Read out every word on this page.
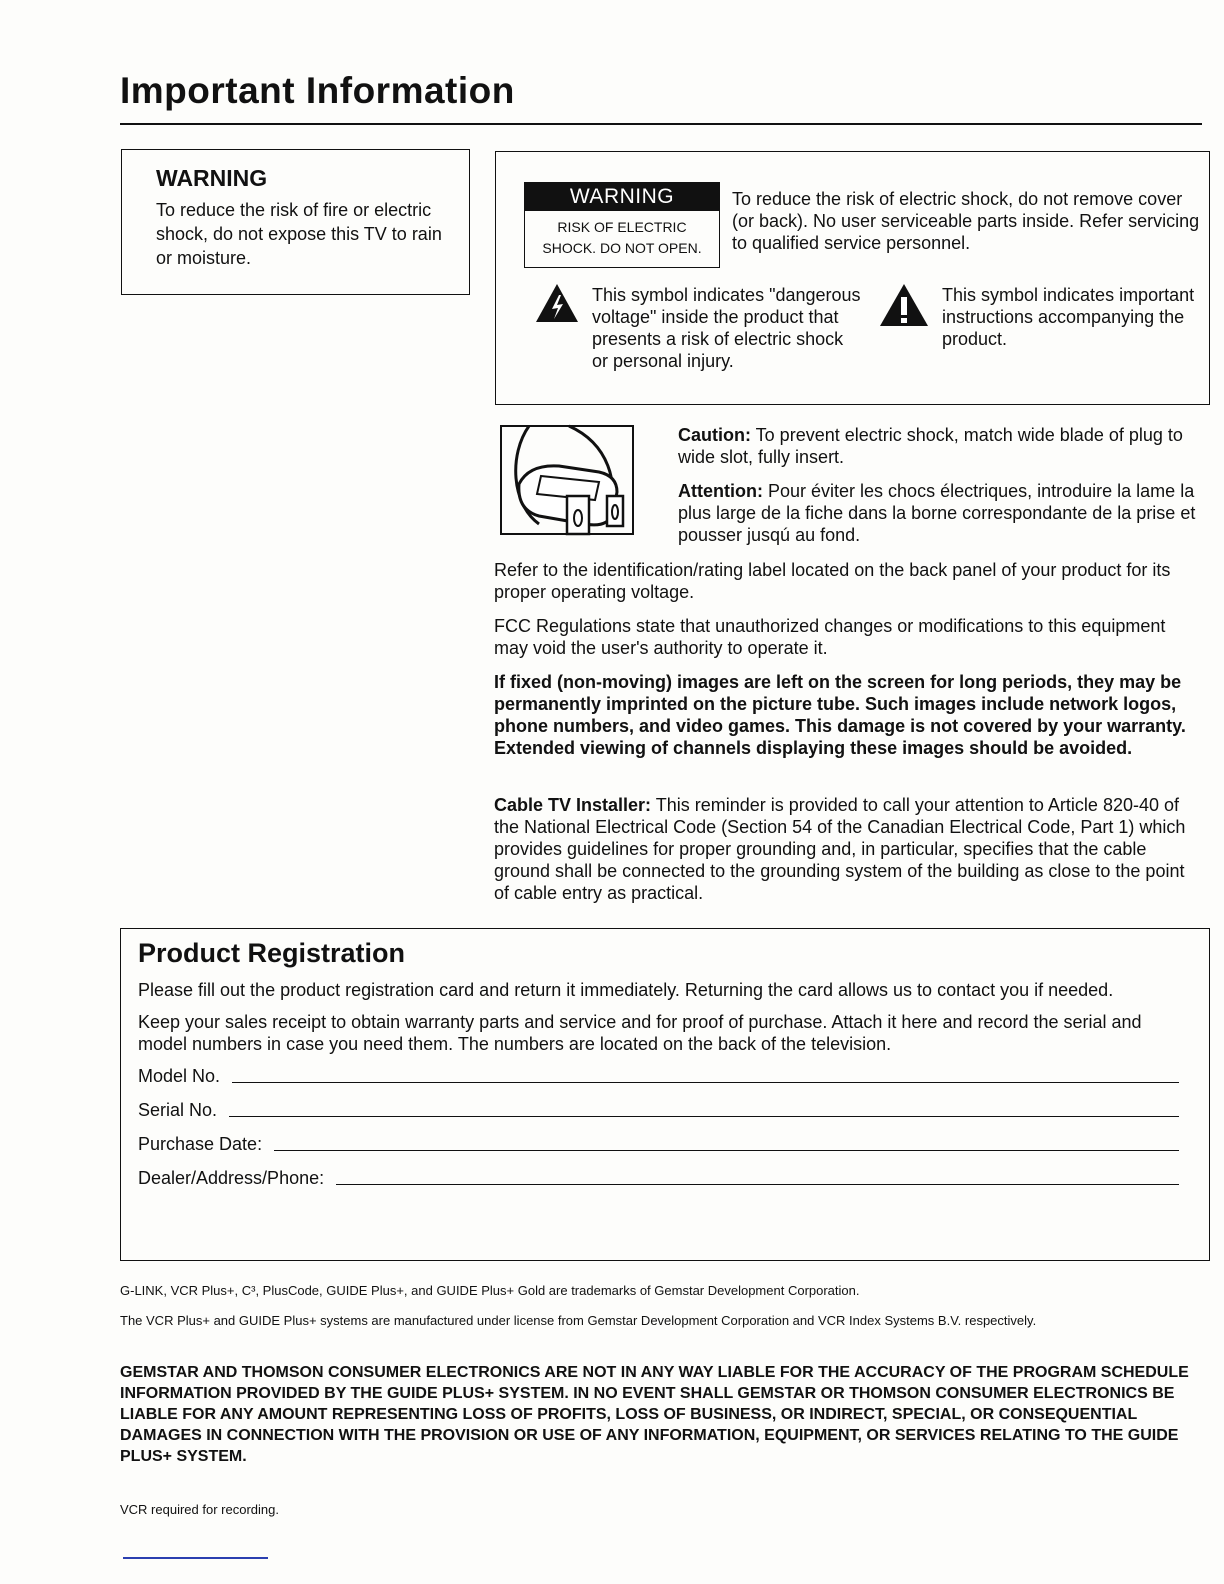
Important Information
WARNING

To reduce the risk of fire or electric shock, do not expose this TV to rain or moisture.

WARNING
RISK OF ELECTRIC
SHOCK. DO NOT OPEN.

To reduce the risk of electric shock, do not remove cover (or back). No user serviceable parts inside. Refer servicing to qualified service personnel.

This symbol indicates "dangerous voltage" inside the product that presents a risk of electric shock or personal injury.

This symbol indicates important instructions accompanying the product.

Caution: To prevent electric shock, match wide blade of plug to wide slot, fully insert.

Attention: Pour éviter les chocs électriques, introduire la lame la plus large de la fiche dans la borne correspondante de la prise et pousser jusqú au fond.

Refer to the identification/rating label located on the back panel of your product for its proper operating voltage.

FCC Regulations state that unauthorized changes or modifications to this equipment may void the user's authority to operate it.

If fixed (non-moving) images are left on the screen for long periods, they may be permanently imprinted on the picture tube. Such images include network logos, phone numbers, and video games. This damage is not covered by your warranty. Extended viewing of channels displaying these images should be avoided.

Cable TV Installer: This reminder is provided to call your attention to Article 820-40 of the National Electrical Code (Section 54 of the Canadian Electrical Code, Part 1) which provides guidelines for proper grounding and, in particular, specifies that the cable ground shall be connected to the grounding system of the building as close to the point of cable entry as practical.

Product Registration

Please fill out the product registration card and return it immediately. Returning the card allows us to contact you if needed.

Keep your sales receipt to obtain warranty parts and service and for proof of purchase. Attach it here and record the serial and model numbers in case you need them. The numbers are located on the back of the television.

Model No.
Serial No.
Purchase Date:
Dealer/Address/Phone:

G-LINK, VCR Plus+, C³, PlusCode, GUIDE Plus+, and GUIDE Plus+ Gold are trademarks of Gemstar Development Corporation.

The VCR Plus+ and GUIDE Plus+ systems are manufactured under license from Gemstar Development Corporation and VCR Index Systems B.V. respectively.

GEMSTAR AND THOMSON CONSUMER ELECTRONICS ARE NOT IN ANY WAY LIABLE FOR THE ACCURACY OF THE PROGRAM SCHEDULE INFORMATION PROVIDED BY THE GUIDE PLUS+ SYSTEM. IN NO EVENT SHALL GEMSTAR OR THOMSON CONSUMER ELECTRONICS BE LIABLE FOR ANY AMOUNT REPRESENTING LOSS OF PROFITS, LOSS OF BUSINESS, OR INDIRECT, SPECIAL, OR CONSEQUENTIAL DAMAGES IN CONNECTION WITH THE PROVISION OR USE OF ANY INFORMATION, EQUIPMENT, OR SERVICES RELATING TO THE GUIDE PLUS+ SYSTEM.

VCR required for recording.
